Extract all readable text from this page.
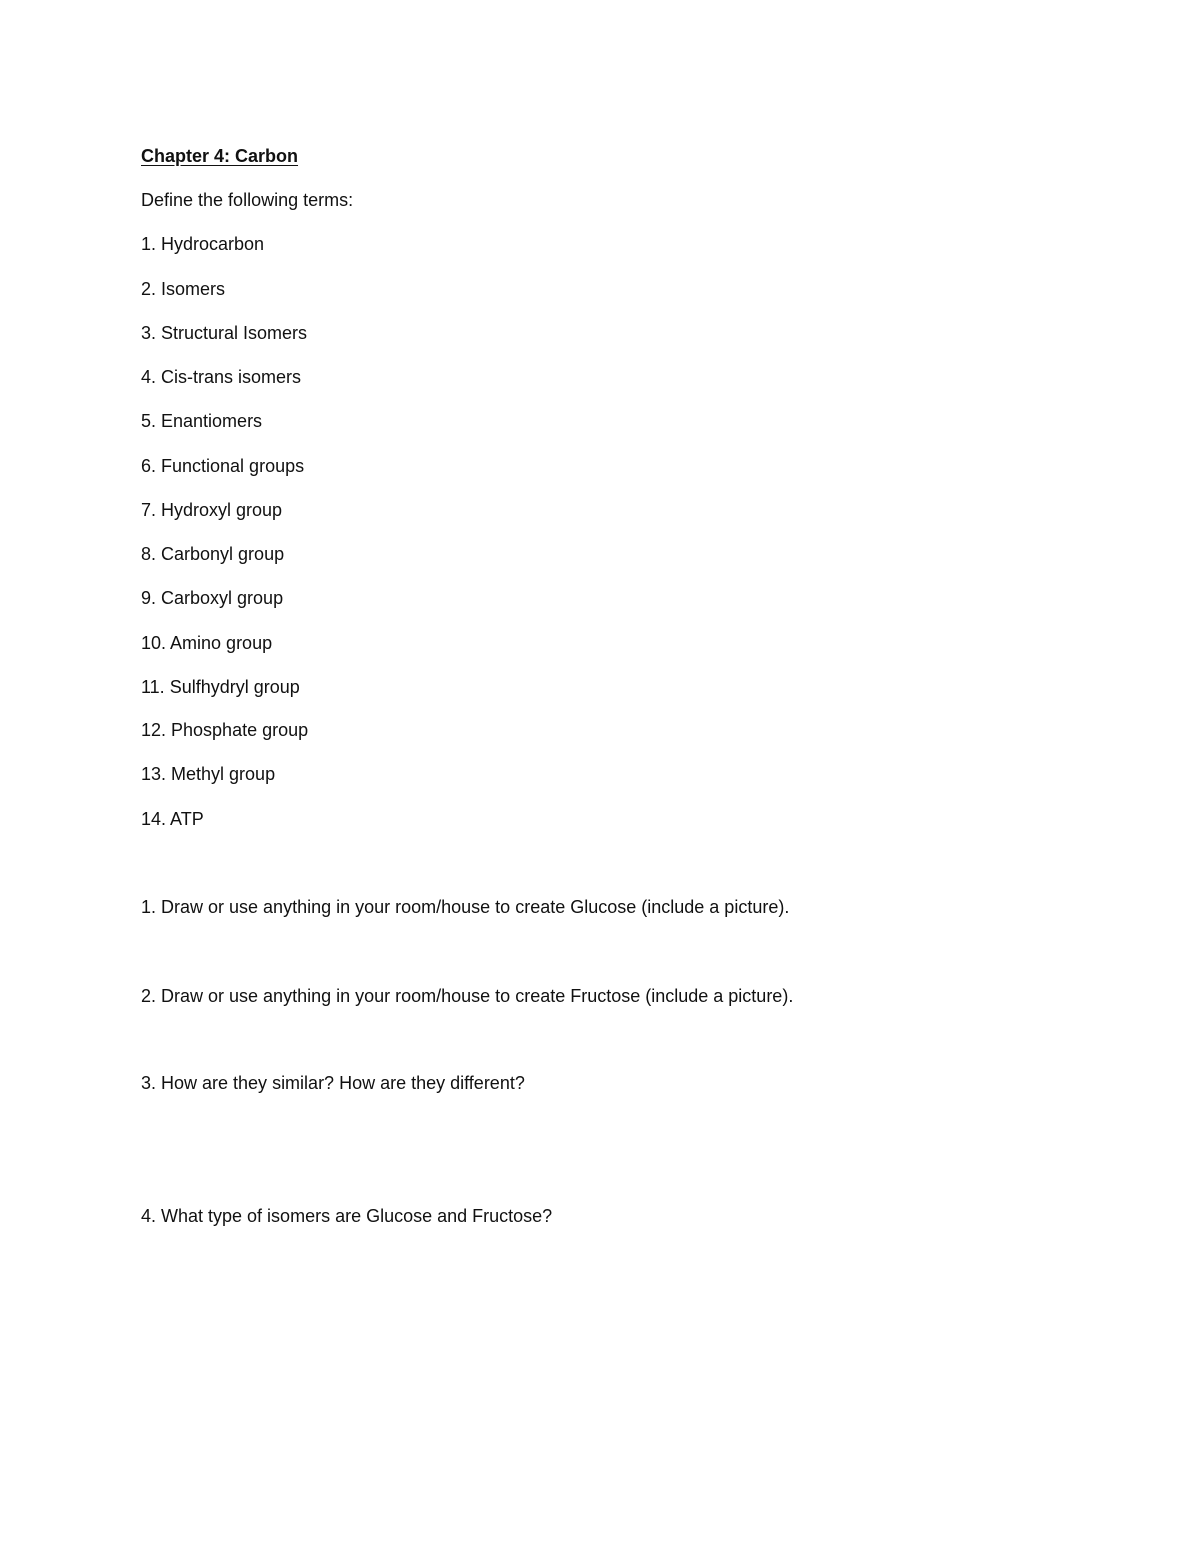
Chapter 4: Carbon
Define the following terms:
1. Hydrocarbon
2. Isomers
3. Structural Isomers
4. Cis-trans isomers
5. Enantiomers
6. Functional groups
7. Hydroxyl group
8. Carbonyl group
9. Carboxyl group
10. Amino group
11. Sulfhydryl group
12. Phosphate group
13. Methyl group
14. ATP
1. Draw or use anything in your room/house to create Glucose (include a picture).
2. Draw or use anything in your room/house to create Fructose (include a picture).
3. How are they similar? How are they different?
4. What type of isomers are Glucose and Fructose?
